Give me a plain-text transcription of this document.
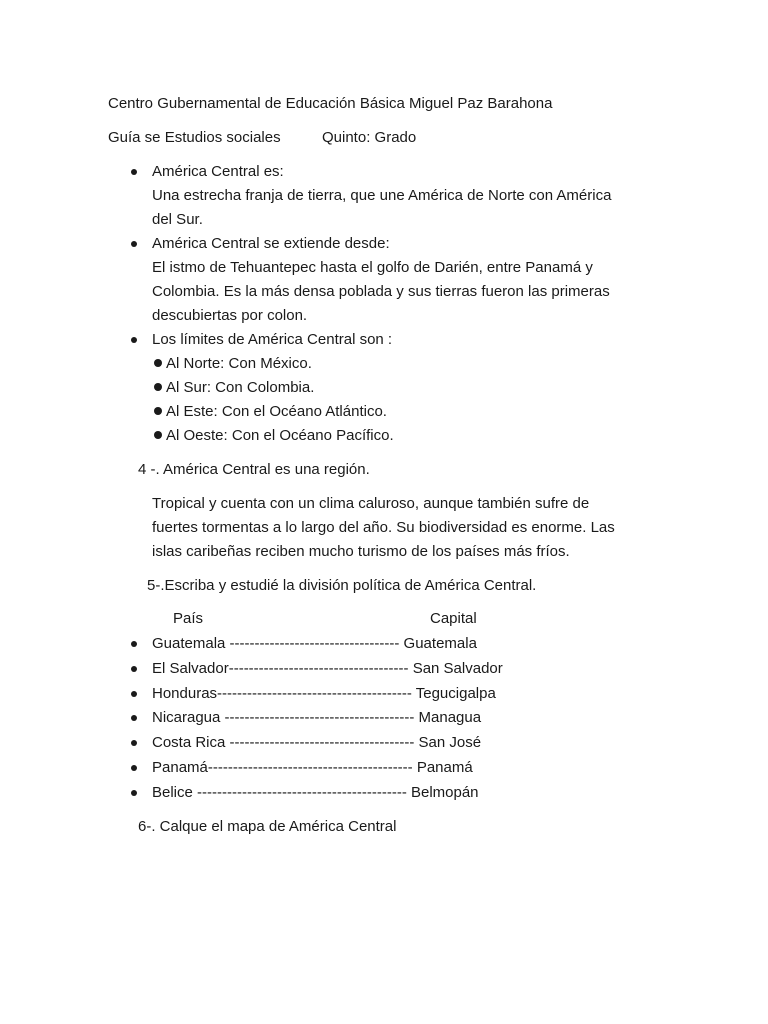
Centro Gubernamental de Educación Básica Miguel Paz Barahona
Guía se Estudios sociales	Quinto: Grado
América Central es:
Una estrecha franja de tierra, que une América de Norte con América
del Sur.
América Central se extiende desde:
El istmo de Tehuantepec hasta el golfo de Darién, entre Panamá y
Colombia. Es la más densa poblada y sus tierras fueron las primeras
descubiertas por colon.
Los límites de América Central son :
Al Norte: Con México.
Al Sur: Con Colombia.
Al Este: Con el Océano Atlántico.
Al Oeste: Con el Océano Pacífico.
4 -. América Central es una región.
Tropical y cuenta con un clima caluroso, aunque también sufre de
fuertes tormentas a lo largo del año. Su biodiversidad es enorme. Las
islas caribeñas reciben mucho turismo de los países más fríos.
5-.Escriba y estudié la división política de América Central.
País	Capital
Guatemala ---------------------------------- Guatemala
El Salvador------------------------------------ San Salvador
Honduras--------------------------------------- Tegucigalpa
Nicaragua -------------------------------------- Managua
Costa Rica ------------------------------------- San José
Panamá----------------------------------------- Panamá
Belice ------------------------------------------ Belmopán
6-. Calque el mapa de América Central
